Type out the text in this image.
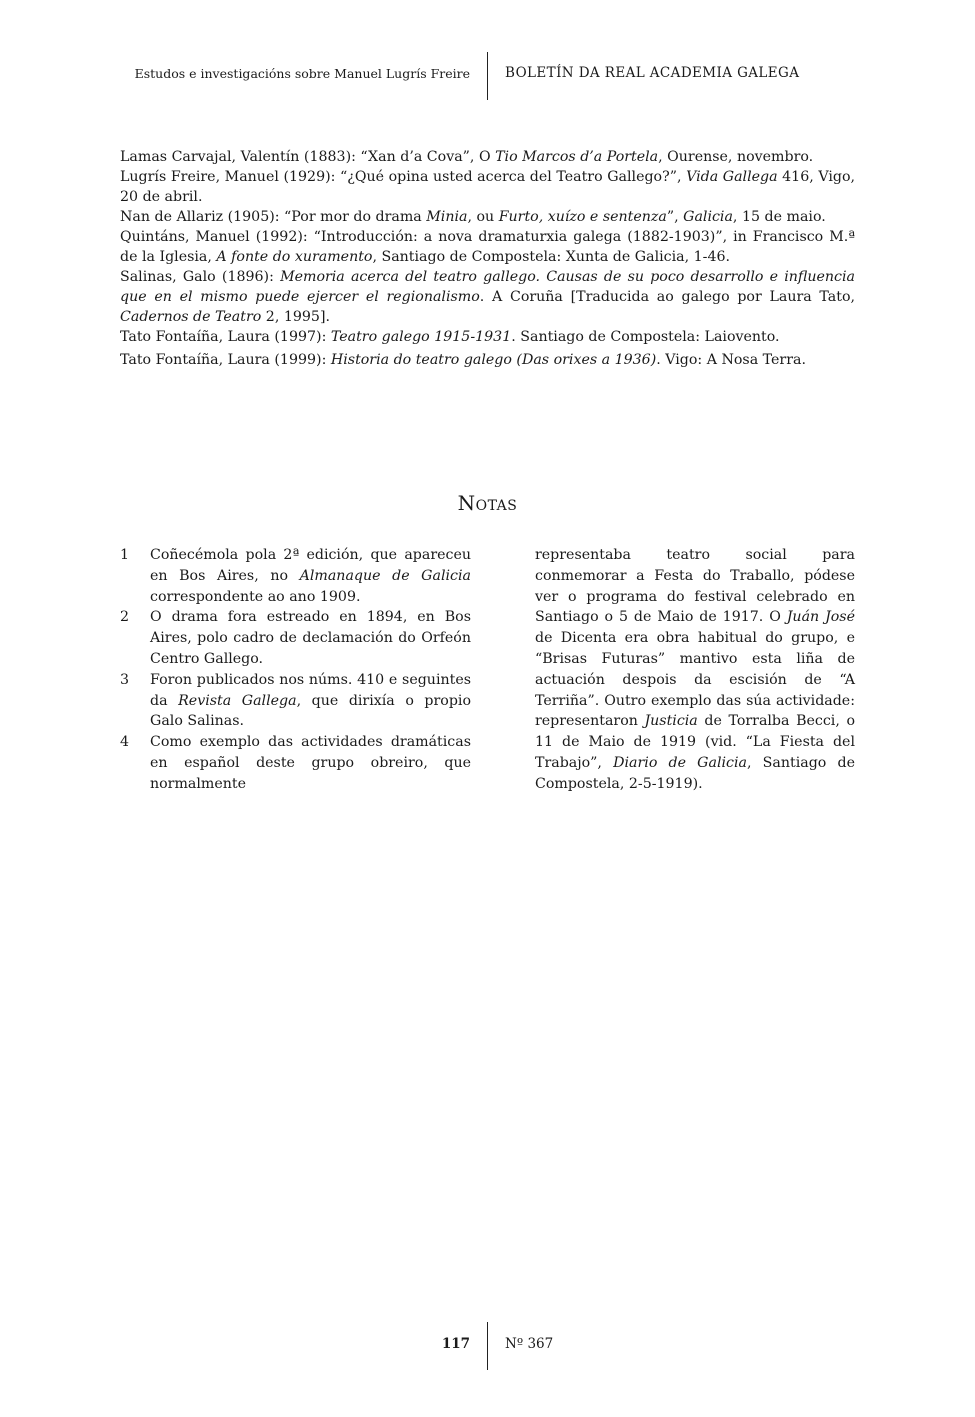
Estudos e investigacións sobre Manuel Lugrís Freire	BOLETÍN DA REAL ACADEMIA GALEGA

Lamas Carvajal, Valentín (1883): “Xan d’a Cova”, O Tio Marcos d’a Portela, Ourense, novembro.

Lugrís Freire, Manuel (1929): “¿Qué opina usted acerca del Teatro Gallego?”, Vida Gallega 416, Vigo, 20 de abril.

Nan de Allariz (1905): “Por mor do drama Minia, ou Furto, xuízo e sentenza”, Galicia, 15 de maio.

Quintáns, Manuel (1992): “Introducción: a nova dramaturxia galega (1882-1903)”, in Francisco M.ª de la Iglesia, A fonte do xuramento, Santiago de Compostela: Xunta de Galicia, 1-46.

Salinas, Galo (1896): Memoria acerca del teatro gallego. Causas de su poco desarrollo e influencia que en el mismo puede ejercer el regionalismo. A Coruña [Traducida ao galego por Laura Tato, Cadernos de Teatro 2, 1995].

Tato Fontaíña, Laura (1997): Teatro galego 1915-1931. Santiago de Compostela: Laiovento.

Tato Fontaíña, Laura (1999): Historia do teatro galego (Das orixes a 1936). Vigo: A Nosa Terra.

Notas

1 Coñecémola pola 2ª edición, que apareceu en Bos Aires, no Almanaque de Galicia correspondente ao ano 1909.

2 O drama fora estreado en 1894, en Bos Aires, polo cadro de declamación do Orfeón Centro Gallego.

3 Foron publicados nos núms. 410 e seguintes da Revista Gallega, que dirixía o propio Galo Salinas.

4 Como exemplo das actividades dramáticas en español deste grupo obreiro, que normalmente

representaba teatro social para conmemorar a Festa do Traballo, pódese ver o programa do festival celebrado en Santiago o 5 de Maio de 1917. O Juán José de Dicenta era obra habitual do grupo, e “Brisas Futuras” mantivo esta liña de actuación despois da escisión de “A Terriña”. Outro exemplo das súa actividade: representaron Justicia de Torralba Becci, o 11 de Maio de 1919 (vid. “La Fiesta del Trabajo”, Diario de Galicia, Santiago de Compostela, 2-5-1919).

117	Nº 367
